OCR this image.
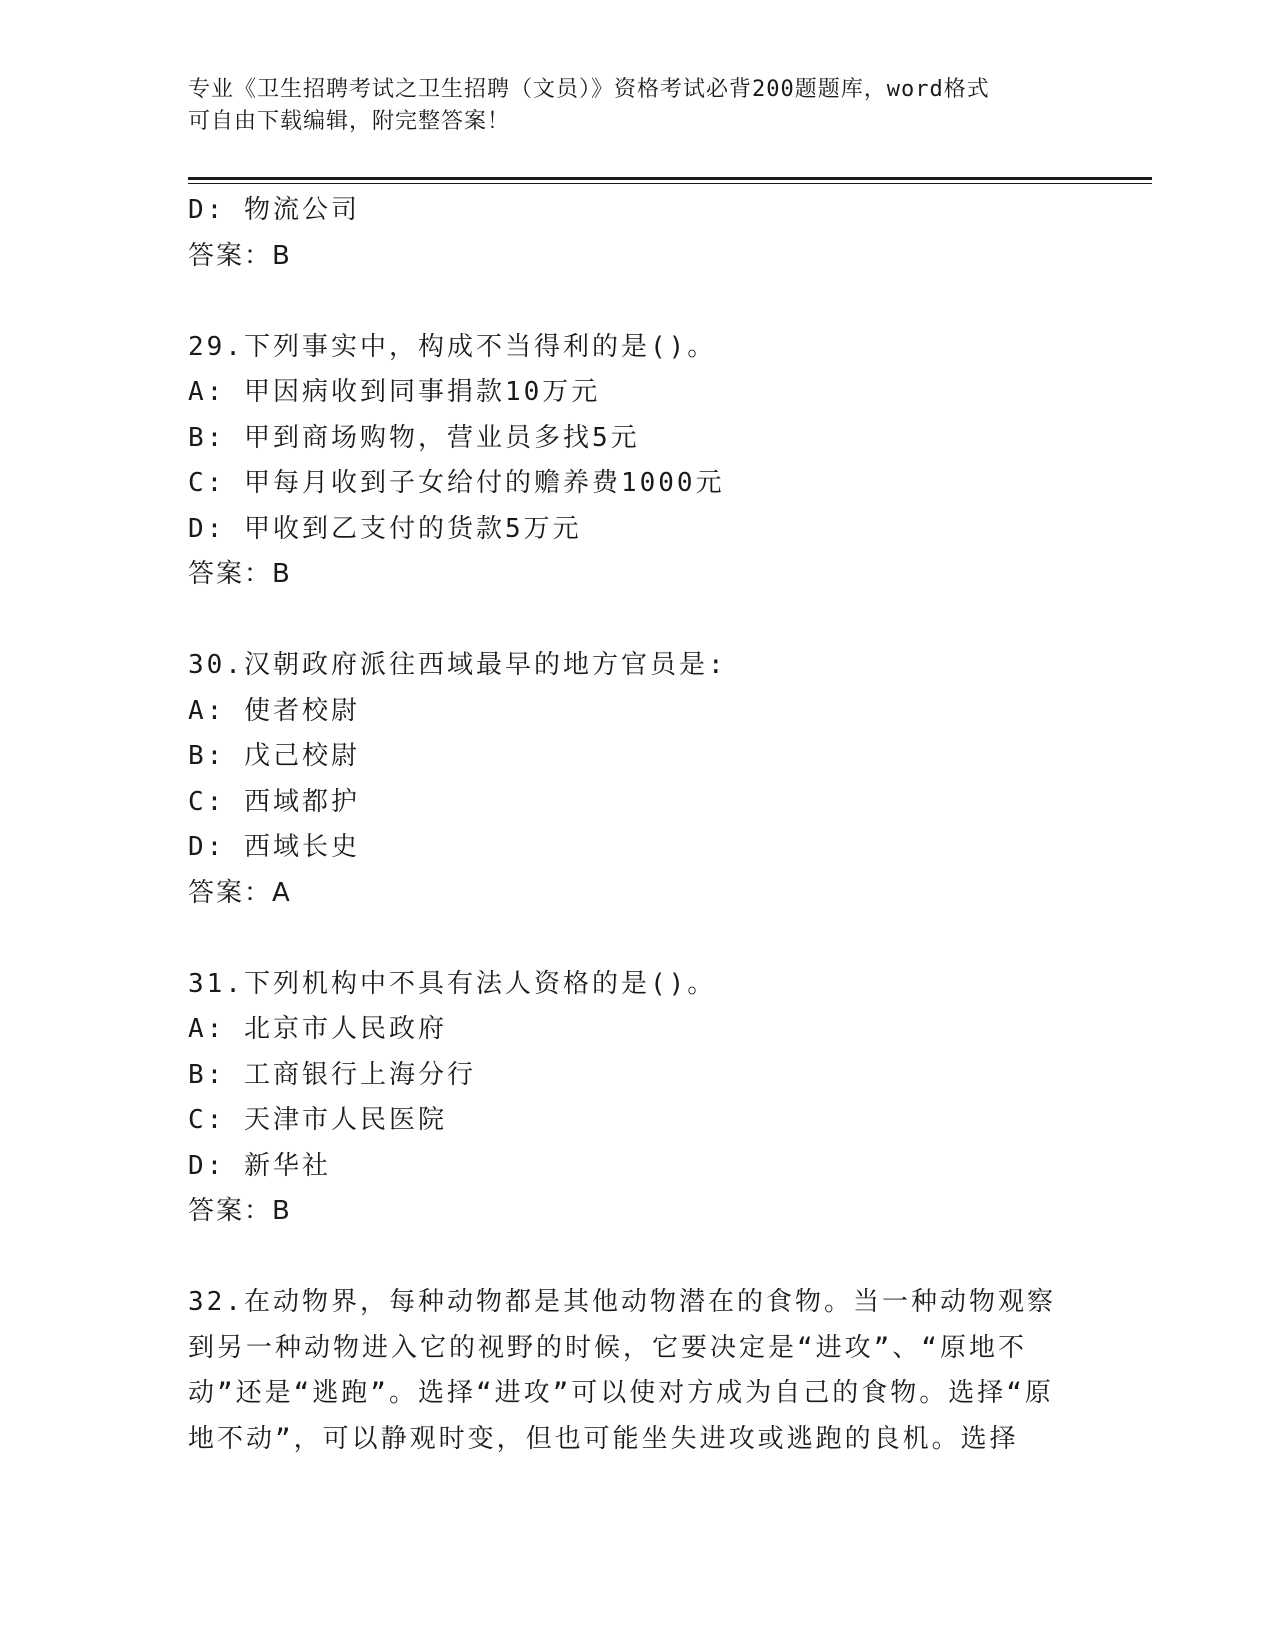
专业《卫生招聘考试之卫生招聘（文员）》资格考试必背200题题库，word格式
可自由下载编辑，附完整答案！
D: 物流公司
答案：B
29.下列事实中，构成不当得利的是()。
A: 甲因病收到同事捐款10万元
B: 甲到商场购物，营业员多找5元
C: 甲每月收到子女给付的赡养费1000元
D: 甲收到乙支付的货款5万元
答案：B
30.汉朝政府派往西域最早的地方官员是:
A: 使者校尉
B: 戊己校尉
C: 西域都护
D: 西域长史
答案：A
31.下列机构中不具有法人资格的是()。
A: 北京市人民政府
B: 工商银行上海分行
C: 天津市人民医院
D: 新华社
答案：B
32.在动物界，每种动物都是其他动物潜在的食物。当一种动物观察到另一种动物进入它的视野的时候，它要决定是“进攻”、“原地不动”还是“逃跑”。选择“进攻”可以使对方成为自己的食物。选择“原地不动”，可以静观时变，但也可能坐失进攻或逃跑的良机。选择
